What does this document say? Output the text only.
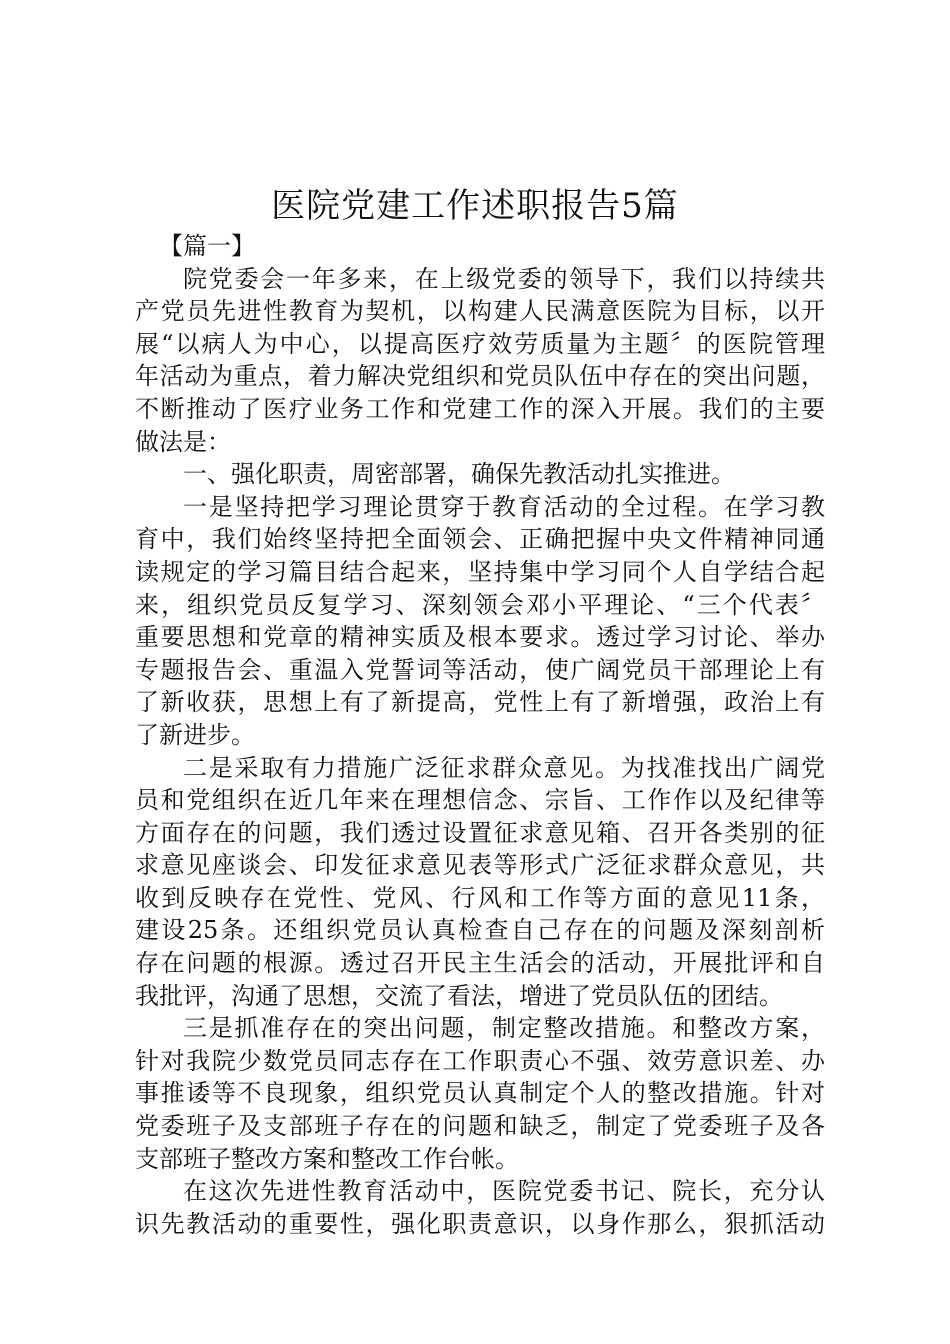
医院党建工作述职报告5篇
【篇一】
院党委会一年多来，在上级党委的领导下，我们以持续共
产党员先进性教育为契机，以构建人民满意医院为目标，以开
展“以病人为中心，以提高医疗效劳质量为主题〞的医院管理
年活动为重点，着力解决党组织和党员队伍中存在的突出问题，
不断推动了医疗业务工作和党建工作的深入开展。我们的主要
做法是：
一、强化职责，周密部署，确保先教活动扎实推进。
一是坚持把学习理论贯穿于教育活动的全过程。在学习教
育中，我们始终坚持把全面领会、正确把握中央文件精神同通
读规定的学习篇目结合起来，坚持集中学习同个人自学结合起
来，组织党员反复学习、深刻领会邓小平理论、“三个代表〞
重要思想和党章的精神实质及根本要求。透过学习讨论、举办
专题报告会、重温入党誓词等活动，使广阔党员干部理论上有
了新收获，思想上有了新提高，党性上有了新增强，政治上有
了新进步。
二是采取有力措施广泛征求群众意见。为找准找出广阔党
员和党组织在近几年来在理想信念、宗旨、工作作以及纪律等
方面存在的问题，我们透过设置征求意见箱、召开各类别的征
求意见座谈会、印发征求意见表等形式广泛征求群众意见，共
收到反映存在党性、党风、行风和工作等方面的意见11条，
建设25条。还组织党员认真检查自己存在的问题及深刻剖析
存在问题的根源。透过召开民主生活会的活动，开展批评和自
我批评，沟通了思想，交流了看法，增进了党员队伍的团结。
三是抓准存在的突出问题，制定整改措施。和整改方案，
针对我院少数党员同志存在工作职责心不强、效劳意识差、办
事推诿等不良现象，组织党员认真制定个人的整改措施。针对
党委班子及支部班子存在的问题和缺乏，制定了党委班子及各
支部班子整改方案和整改工作台帐。
在这次先进性教育活动中，医院党委书记、院长，充分认
识先教活动的重要性，强化职责意识，以身作那么，狠抓活动
